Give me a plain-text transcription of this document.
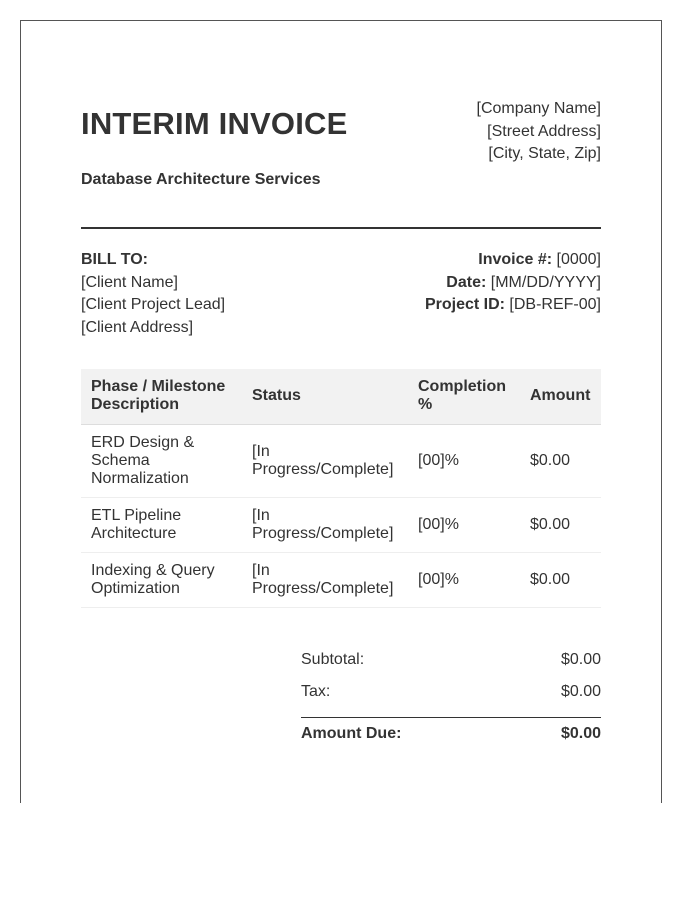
INTERIM INVOICE
Database Architecture Services
[Company Name]
[Street Address]
[City, State, Zip]
BILL TO:
[Client Name]
[Client Project Lead]
[Client Address]
Invoice #: [0000]
Date: [MM/DD/YYYY]
Project ID: [DB-REF-00]
Phase / Milestone Description	Status	Completion %	Amount
ERD Design & Schema Normalization	[In Progress/Complete]	[00]%	$0.00
ETL Pipeline Architecture	[In Progress/Complete]	[00]%	$0.00
Indexing & Query Optimization	[In Progress/Complete]	[00]%	$0.00
Subtotal:	$0.00
Tax:	$0.00
Amount Due:	$0.00
